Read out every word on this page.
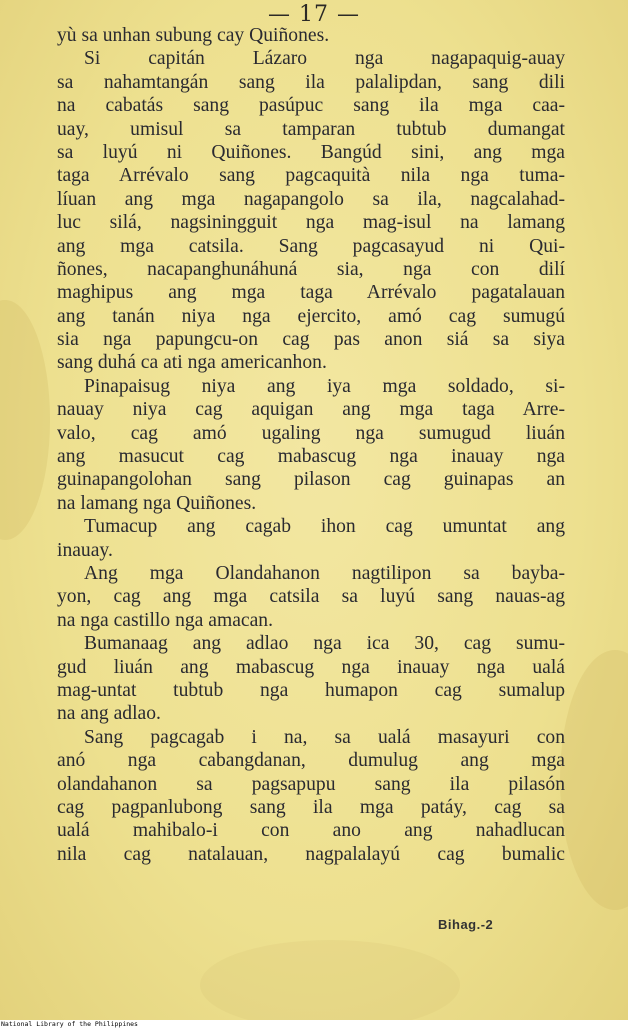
— 17 —
yù sa unhan subung cay Quiñones.
Si capitán Lázaro nga nagapaquig-auay
sa nahamtangán sang ila palalipdan, sang dili
na cabatás sang pasúpuc sang ila mga caa-
uay, umisul sa tamparan tubtub dumangat
sa luyú ni Quiñones. Bangúd sini, ang mga
taga Arrévalo sang pagcaquità nila nga tuma-
líuan ang mga nagapangolo sa ila, nagcalahad-
luc silá, nagsiningguit nga mag-isul na lamang
ang mga catsila. Sang pagcasayud ni Qui-
ñones, nacapanghunáhuná sia, nga con dilí
maghipus ang mga taga Arrévalo pagatalauan
ang tanán niya nga ejercito, amó cag sumugú
sia nga papungcu-on cag pas anon siá sa siya
sang duhá ca ati nga americanhon.
Pinapaisug niya ang iya mga soldado, si-
nauay niya cag aquigan ang mga taga Arre-
valo, cag amó ugaling nga sumugud liuán
ang masucut cag mabascug nga inauay nga
guinapangolohan sang pilason cag guinapas an
na lamang nga Quiñones.
Tumacup ang cagab ihon cag umuntat ang
inauay.
Ang mga Olandahanon nagtilipon sa bayba-
yon, cag ang mga catsila sa luyú sang nauas-ag
na nga castillo nga amacan.
Bumanaag ang adlao nga ica 30, cag sumu-
gud liuán ang mabascug nga inauay nga ualá
mag-untat tubtub nga humapon cag sumalup
na ang adlao.
Sang pagcagab i na, sa ualá masayuri con
anó nga cabangdanan, dumulug ang mga
olandahanon sa pagsapupu sang ila pilasón
cag pagpanlubong sang ila mga patáy, cag sa
ualá mahibalo-i con ano ang nahadlucan
nila cag natalauan, nagpalalayú cag bumalic
Bihag.-2
National Library of the Philippines
